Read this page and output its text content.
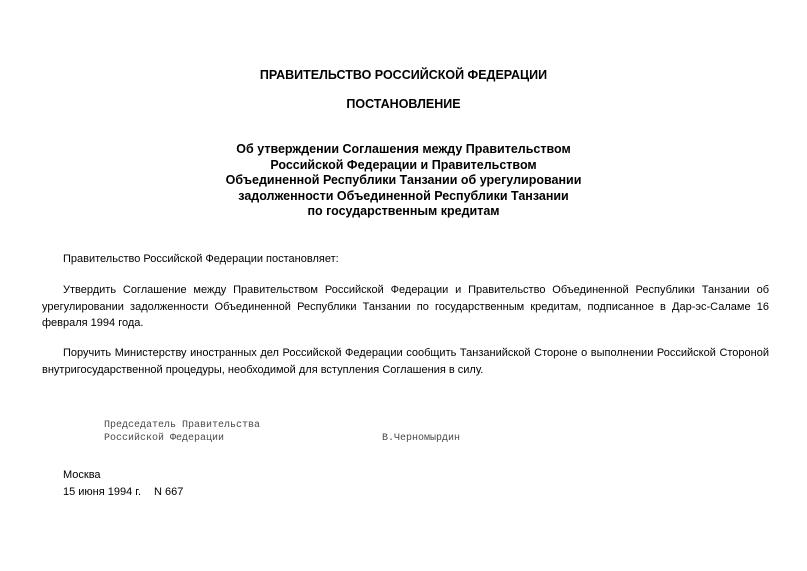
ПРАВИТЕЛЬСТВО РОССИЙСКОЙ ФЕДЕРАЦИИ
ПОСТАНОВЛЕНИЕ
Об утверждении Соглашения между Правительством
Российской Федерации и Правительством
Объединенной Республики Танзании об урегулировании
задолженности Объединенной Республики Танзании
по государственным кредитам

Правительство Российской Федерации постановляет:

Утвердить Соглашение между Правительством Российской Федерации и Правительство Объединенной Республики Танзании об урегулировании задолженности Объединенной Республики Танзании по государственным кредитам, подписанное в Дар-эс-Саламе 16 февраля 1994 года.

Поручить Министерству иностранных дел Российской Федерации сообщить Танзанийской Стороне о выполнении Российской Стороной внутригосударственной процедуры, необходимой для вступления Соглашения в силу.

Председатель Правительства
Российской Федерации	В.Черномырдин
Москва
15 июня 1994 г. N 667
